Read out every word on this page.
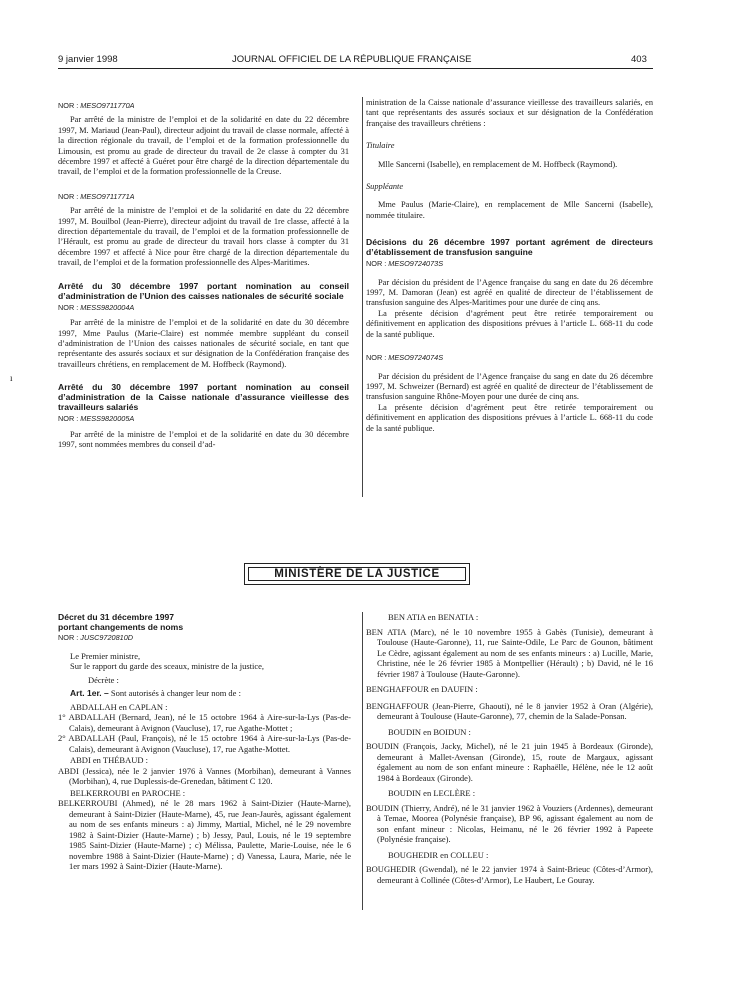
9 janvier 1998	JOURNAL OFFICIEL DE LA RÉPUBLIQUE FRANÇAISE	403
ı

NOR : MESO9711770A

Par arrêté de la ministre de l’emploi et de la solidarité en date du 22 décembre 1997, M. Mariaud (Jean-Paul), directeur adjoint du travail de classe normale, affecté à la direction régionale du travail, de l’emploi et de la formation professionnelle du Limousin, est promu au grade de directeur du travail de 2e classe à compter du 31 décembre 1997 et affecté à Guéret pour être chargé de la direction départementale du travail, de l’emploi et de la formation professionnelle de la Creuse.

NOR : MESO9711771A

Par arrêté de la ministre de l’emploi et de la solidarité en date du 22 décembre 1997, M. Bouilbol (Jean-Pierre), directeur adjoint du travail de 1re classe, affecté à la direction départementale du travail, de l’emploi et de la formation professionnelle de l’Hérault, est promu au grade de directeur du travail hors classe à compter du 31 décembre 1997 et affecté à Nice pour être chargé de la direction départementale du travail, de l’emploi et de la formation professionnelle des Alpes-Maritimes.

Arrêté du 30 décembre 1997 portant nomination au conseil d’administration de l’Union des caisses nationales de sécurité sociale

NOR : MESS9820004A

Par arrêté de la ministre de l’emploi et de la solidarité en date du 30 décembre 1997, Mme Paulus (Marie-Claire) est nommée membre suppléant du conseil d’administration de l’Union des caisses nationales de sécurité sociale, en tant que représentante des assurés sociaux et sur désignation de la Confédération française des travailleurs chrétiens, en remplacement de M. Hoffbeck (Raymond).

Arrêté du 30 décembre 1997 portant nomination au conseil d’administration de la Caisse nationale d’assurance vieillesse des travailleurs salariés

NOR : MESS9820005A

Par arrêté de la ministre de l’emploi et de la solidarité en date du 30 décembre 1997, sont nommées membres du conseil d’ad-

ministration de la Caisse nationale d’assurance vieillesse des travailleurs salariés, en tant que représentants des assurés sociaux et sur désignation de la Confédération française des travailleurs chrétiens :

Titulaire

Mlle Sancerni (Isabelle), en remplacement de M. Hoffbeck (Raymond).

Suppléante

Mme Paulus (Marie-Claire), en remplacement de Mlle Sancerni (Isabelle), nommée titulaire.

Décisions du 26 décembre 1997 portant agrément de directeurs d’établissement de transfusion sanguine

NOR : MESO9724073S

Par décision du président de l’Agence française du sang en date du 26 décembre 1997, M. Damoran (Jean) est agréé en qualité de directeur de l’établissement de transfusion sanguine des Alpes-Maritimes pour une durée de cinq ans.

La présente décision d’agrément peut être retirée temporairement ou définitivement en application des dispositions prévues à l’article L. 668-11 du code de la santé publique.

NOR : MESO9724074S

Par décision du président de l’Agence française du sang en date du 26 décembre 1997, M. Schweizer (Bernard) est agréé en qualité de directeur de l’établissement de transfusion sanguine Rhône-Moyen pour une durée de cinq ans.

La présente décision d’agrément peut être retirée temporairement ou définitivement en application des dispositions prévues à l’article L. 668-11 du code de la santé publique.

MINISTÈRE DE LA JUSTICE

Décret du 31 décembre 1997

portant changements de noms

NOR : JUSC9720810D

Le Premier ministre,

Sur le rapport du garde des sceaux, ministre de la justice,

Décrète :

Art. 1er. – Sont autorisés à changer leur nom de :

ABDALLAH en CAPLAN :

1° ABDALLAH (Bernard, Jean), né le 15 octobre 1964 à Aire-sur-la-Lys (Pas-de-Calais), demeurant à Avignon (Vaucluse), 17, rue Agathe-Mottet ;

2° ABDALLAH (Paul, François), né le 15 octobre 1964 à Aire-sur-la-Lys (Pas-de-Calais), demeurant à Avignon (Vaucluse), 17, rue Agathe-Mottet.

ABDI en THÉBAUD :

ABDI (Jessica), née le 2 janvier 1976 à Vannes (Morbihan), demeurant à Vannes (Morbihan), 4, rue Duplessis-de-Grenedan, bâtiment C 120.

BELKERROUBI en PAROCHE :

BELKERROUBI (Ahmed), né le 28 mars 1962 à Saint-Dizier (Haute-Marne), demeurant à Saint-Dizier (Haute-Marne), 45, rue Jean-Jaurès, agissant également au nom de ses enfants mineurs : a) Jimmy, Martial, Michel, né le 29 novembre 1982 à Saint-Dizier (Haute-Marne) ; b) Jessy, Paul, Louis, né le 19 septembre 1985 Saint-Dizier (Haute-Marne) ; c) Mélissa, Paulette, Marie-Louise, née le 6 novembre 1988 à Saint-Dizier (Haute-Marne) ; d) Vanessa, Laura, Marie, née le 1er mars 1992 à Saint-Dizier (Haute-Marne).

BEN ATIA en BENATIA :

BEN ATIA (Marc), né le 10 novembre 1955 à Gabès (Tunisie), demeurant à Toulouse (Haute-Garonne), 11, rue Sainte-Odile, Le Parc de Gounon, bâtiment Le Cèdre, agissant également au nom de ses enfants mineurs : a) Lucille, Marie, Christine, née le 26 février 1985 à Montpellier (Hérault) ; b) David, né le 16 février 1987 à Toulouse (Haute-Garonne).

BENGHAFFOUR en DAUFIN :

BENGHAFFOUR (Jean-Pierre, Ghaouti), né le 8 janvier 1952 à Oran (Algérie), demeurant à Toulouse (Haute-Garonne), 77, chemin de la Salade-Ponsan.

BOUDIN en BOIDUN :

BOUDIN (François, Jacky, Michel), né le 21 juin 1945 à Bordeaux (Gironde), demeurant à Mallet-Avensan (Gironde), 15, route de Margaux, agissant également au nom de son enfant mineure : Raphaëlle, Hélène, née le 12 août 1984 à Bordeaux (Gironde).

BOUDIN en LECLÈRE :

BOUDIN (Thierry, André), né le 31 janvier 1962 à Vouziers (Ardennes), demeurant à Temae, Moorea (Polynésie française), BP 96, agissant également au nom de son enfant mineur : Nicolas, Heimanu, né le 26 février 1992 à Papeete (Polynésie française).

BOUGHEDIR en COLLEU :

BOUGHEDIR (Gwendal), né le 22 janvier 1974 à Saint-Brieuc (Côtes-d’Armor), demeurant à Collinée (Côtes-d’Armor), Le Haubert, Le Gouray.
